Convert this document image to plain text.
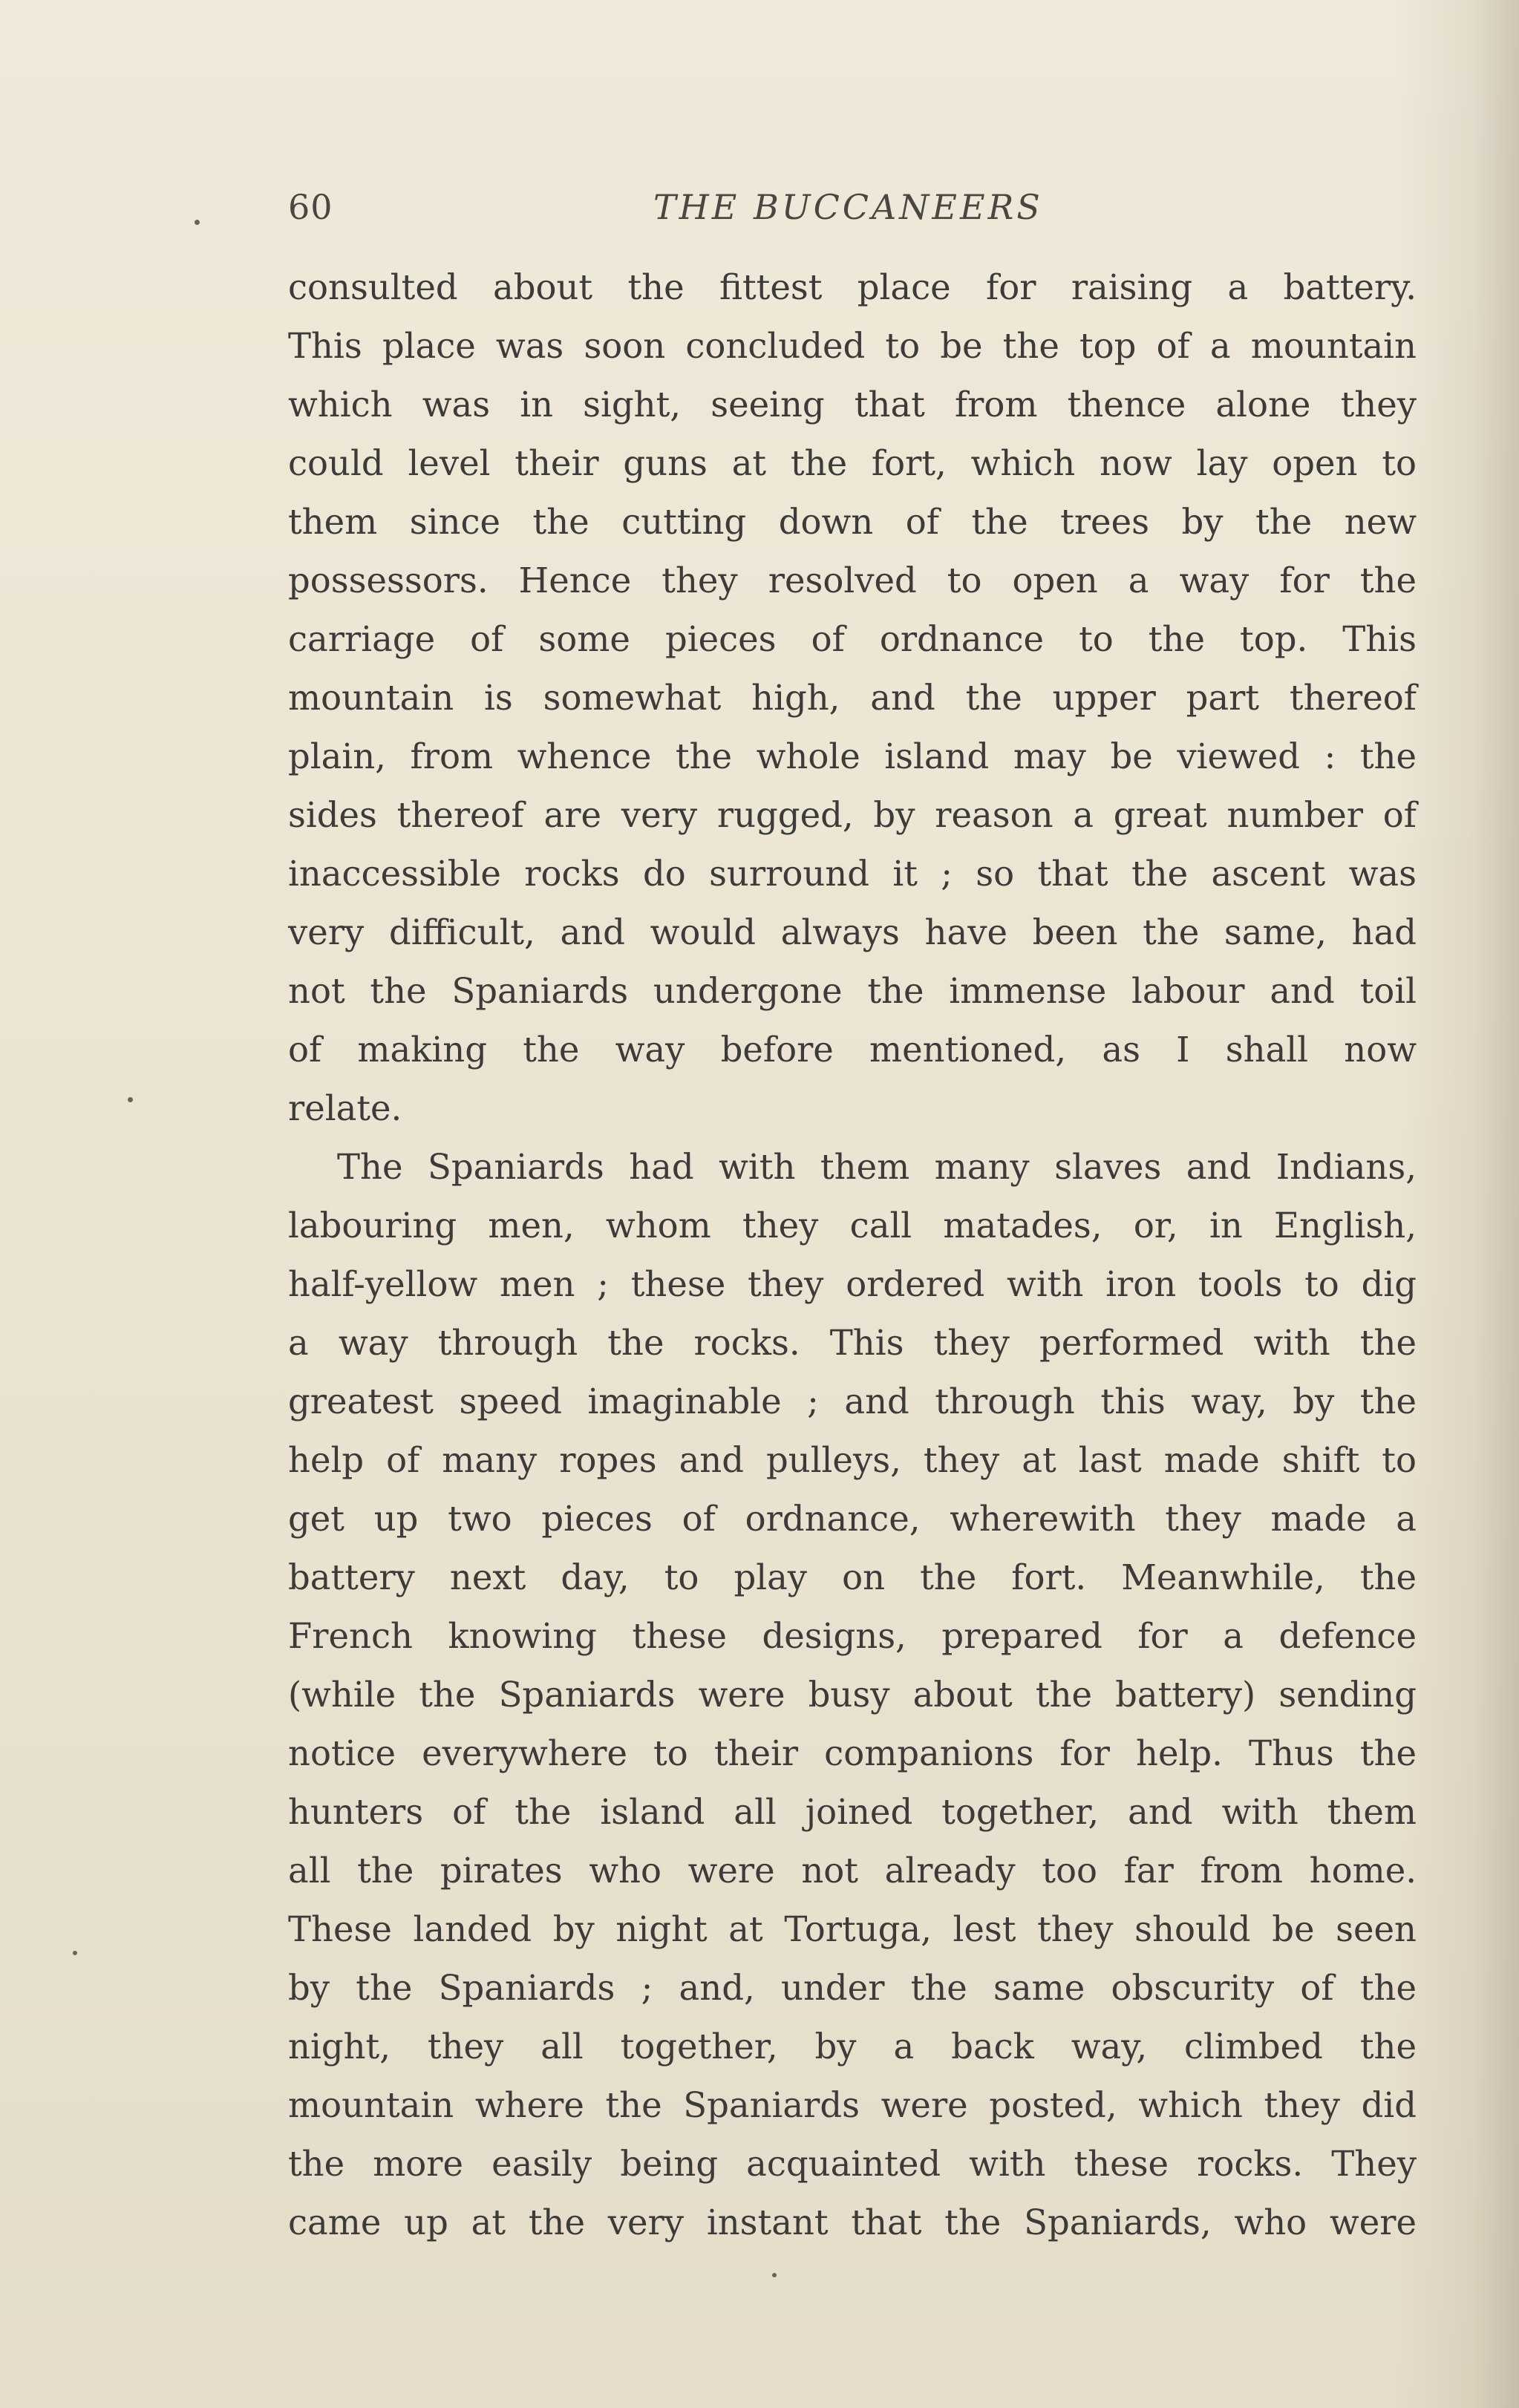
60	THE BUCCANEERS
consulted about the fittest place for raising a battery.
This place was soon concluded to be the top of a mountain
which was in sight, seeing that from thence alone they
could level their guns at the fort, which now lay open to
them since the cutting down of the trees by the new
possessors. Hence they resolved to open a way for the
carriage of some pieces of ordnance to the top. This
mountain is somewhat high, and the upper part thereof
plain, from whence the whole island may be viewed : the
sides thereof are very rugged, by reason a great number of
inaccessible rocks do surround it ; so that the ascent was
very difficult, and would always have been the same, had
not the Spaniards undergone the immense labour and toil
of making the way before mentioned, as I shall now
relate.
The Spaniards had with them many slaves and Indians,
labouring men, whom they call matades, or, in English,
half-yellow men ; these they ordered with iron tools to dig
a way through the rocks. This they performed with the
greatest speed imaginable ; and through this way, by the
help of many ropes and pulleys, they at last made shift to
get up two pieces of ordnance, wherewith they made a
battery next day, to play on the fort. Meanwhile, the
French knowing these designs, prepared for a defence
(while the Spaniards were busy about the battery) sending
notice everywhere to their companions for help. Thus the
hunters of the island all joined together, and with them
all the pirates who were not already too far from home.
These landed by night at Tortuga, lest they should be seen
by the Spaniards ; and, under the same obscurity of the
night, they all together, by a back way, climbed the
mountain where the Spaniards were posted, which they did
the more easily being acquainted with these rocks. They
came up at the very instant that the Spaniards, who were
